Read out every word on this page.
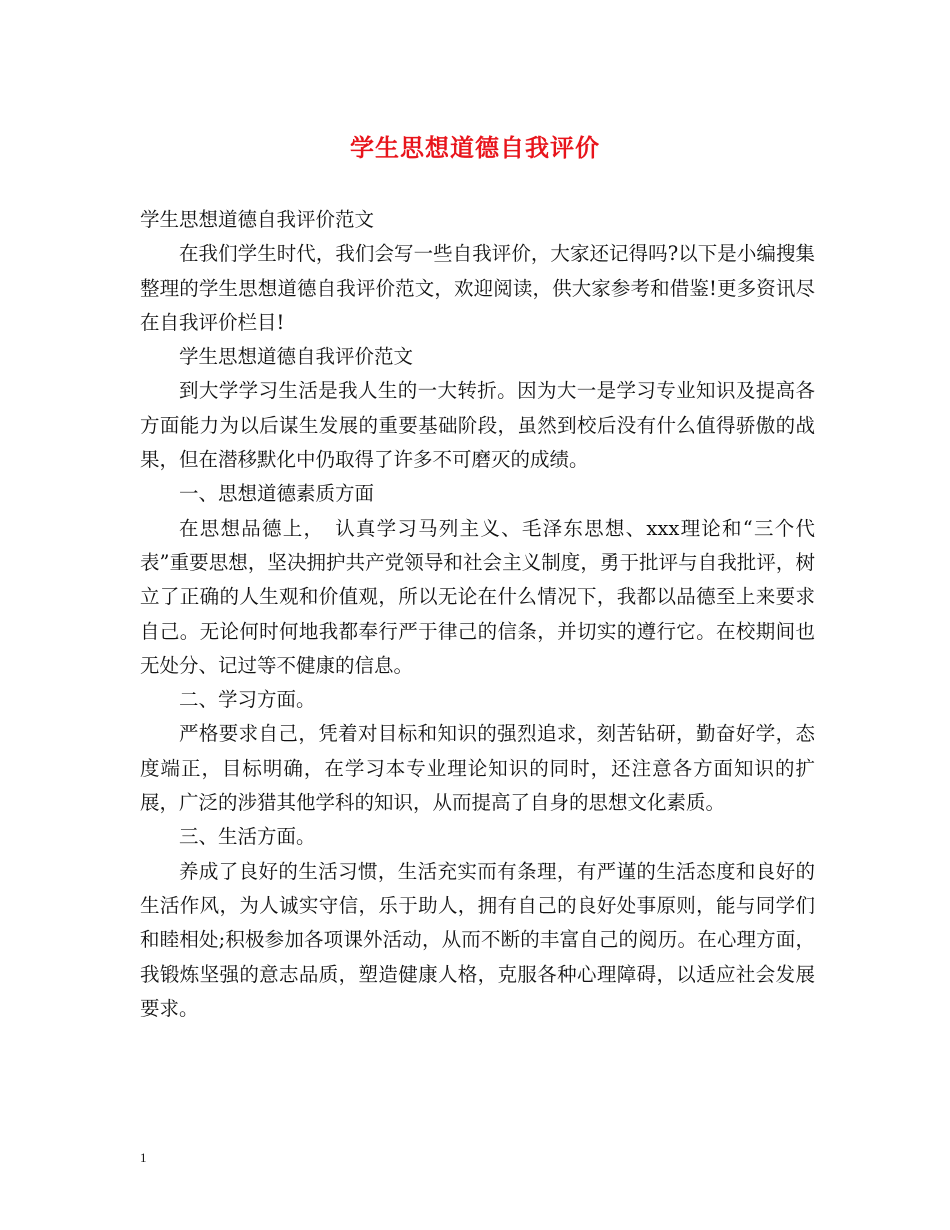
学生思想道德自我评价

学生思想道德自我评价范文

在我们学生时代，我们会写一些自我评价，大家还记得吗?以下是小编搜集整理的学生思想道德自我评价范文，欢迎阅读，供大家参考和借鉴!更多资讯尽在自我评价栏目!

学生思想道德自我评价范文

到大学学习生活是我人生的一大转折。因为大一是学习专业知识及提高各方面能力为以后谋生发展的重要基础阶段，虽然到校后没有什么值得骄傲的战果，但在潜移默化中仍取得了许多不可磨灭的成绩。

一、思想道德素质方面

在思想品德上，　认真学习马列主义、毛泽东思想、xxx理论和“三个代表”重要思想，坚决拥护共产党领导和社会主义制度，勇于批评与自我批评，树立了正确的人生观和价值观，所以无论在什么情况下，我都以品德至上来要求自己。无论何时何地我都奉行严于律己的信条，并切实的遵行它。在校期间也无处分、记过等不健康的信息。

二、学习方面。

严格要求自己，凭着对目标和知识的强烈追求，刻苦钻研，勤奋好学，态度端正，目标明确，在学习本专业理论知识的同时，还注意各方面知识的扩展，广泛的涉猎其他学科的知识，从而提高了自身的思想文化素质。

三、生活方面。

养成了良好的生活习惯，生活充实而有条理，有严谨的生活态度和良好的生活作风，为人诚实守信，乐于助人，拥有自己的良好处事原则，能与同学们和睦相处;积极参加各项课外活动，从而不断的丰富自己的阅历。在心理方面，我锻炼坚强的意志品质，塑造健康人格，克服各种心理障碍，以适应社会发展要求。

1
